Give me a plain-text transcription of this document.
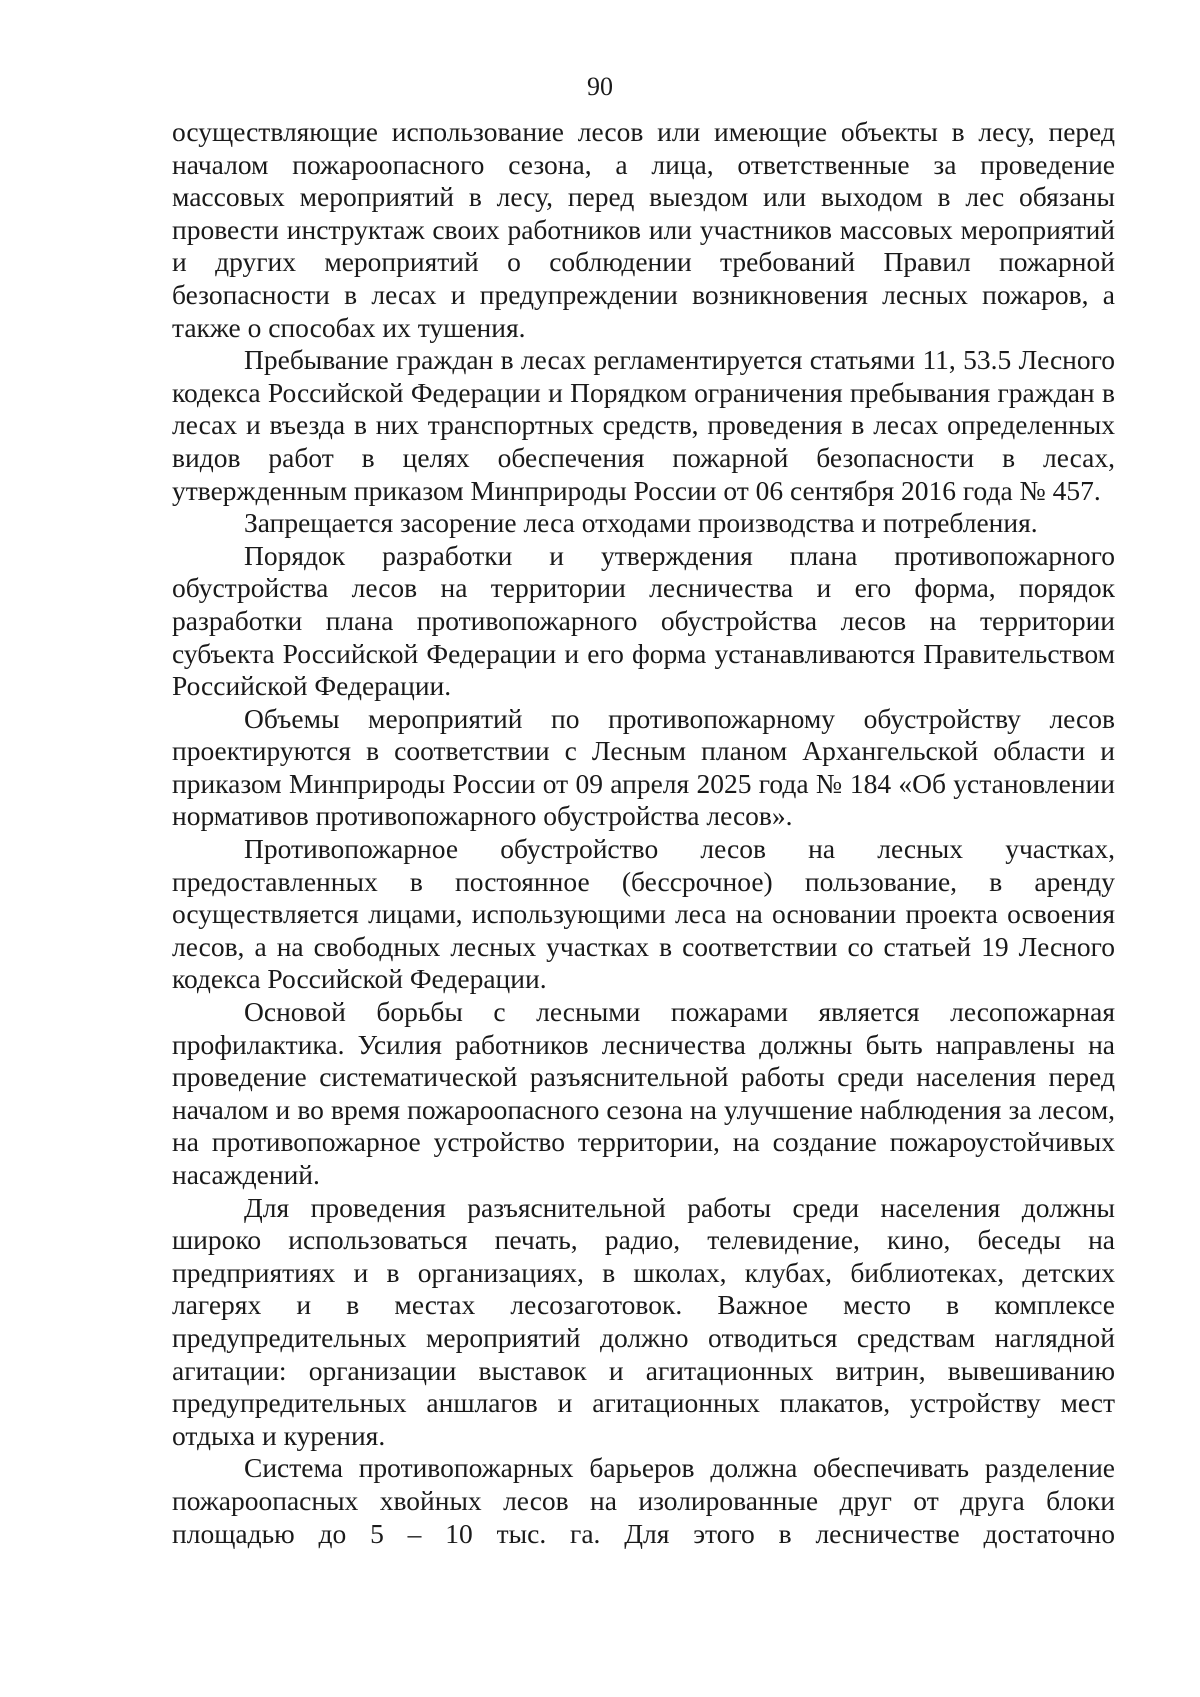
90

осуществляющие использование лесов или имеющие объекты в лесу, перед началом пожароопасного сезона, а лица, ответственные за проведение массовых мероприятий в лесу, перед выездом или выходом в лес обязаны провести инструктаж своих работников или участников массовых мероприятий и других мероприятий о соблюдении требований Правил пожарной безопасности в лесах и предупреждении возникновения лесных пожаров, а также о способах их тушения.

Пребывание граждан в лесах регламентируется статьями 11, 53.5 Лесного кодекса Российской Федерации и Порядком ограничения пребывания граждан в лесах и въезда в них транспортных средств, проведения в лесах определенных видов работ в целях обеспечения пожарной безопасности в лесах, утвержденным приказом Минприроды России от 06 сентября 2016 года № 457.

Запрещается засорение леса отходами производства и потребления.

Порядок разработки и утверждения плана противопожарного обустройства лесов на территории лесничества и его форма, порядок разработки плана противопожарного обустройства лесов на территории субъекта Российской Федерации и его форма устанавливаются Правительством Российской Федерации.

Объемы мероприятий по противопожарному обустройству лесов проектируются в соответствии с Лесным планом Архангельской области и приказом Минприроды России от 09 апреля 2025 года № 184 «Об установлении нормативов противопожарного обустройства лесов».

Противопожарное обустройство лесов на лесных участках, предоставленных в постоянное (бессрочное) пользование, в аренду осуществляется лицами, использующими леса на основании проекта освоения лесов, а на свободных лесных участках в соответствии со статьей 19 Лесного кодекса Российской Федерации.

Основой борьбы с лесными пожарами является лесопожарная профилактика. Усилия работников лесничества должны быть направлены на проведение систематической разъяснительной работы среди населения перед началом и во время пожароопасного сезона на улучшение наблюдения за лесом, на противопожарное устройство территории, на создание пожароустойчивых насаждений.

Для проведения разъяснительной работы среди населения должны широко использоваться печать, радио, телевидение, кино, беседы на предприятиях и в организациях, в школах, клубах, библиотеках, детских лагерях и в местах лесозаготовок. Важное место в комплексе предупредительных мероприятий должно отводиться средствам наглядной агитации: организации выставок и агитационных витрин, вывешиванию предупредительных аншлагов и агитационных плакатов, устройству мест отдыха и курения.

Система противопожарных барьеров должна обеспечивать разделение пожароопасных хвойных лесов на изолированные друг от друга блоки площадью до 5 – 10 тыс. га. Для этого в лесничестве достаточно
